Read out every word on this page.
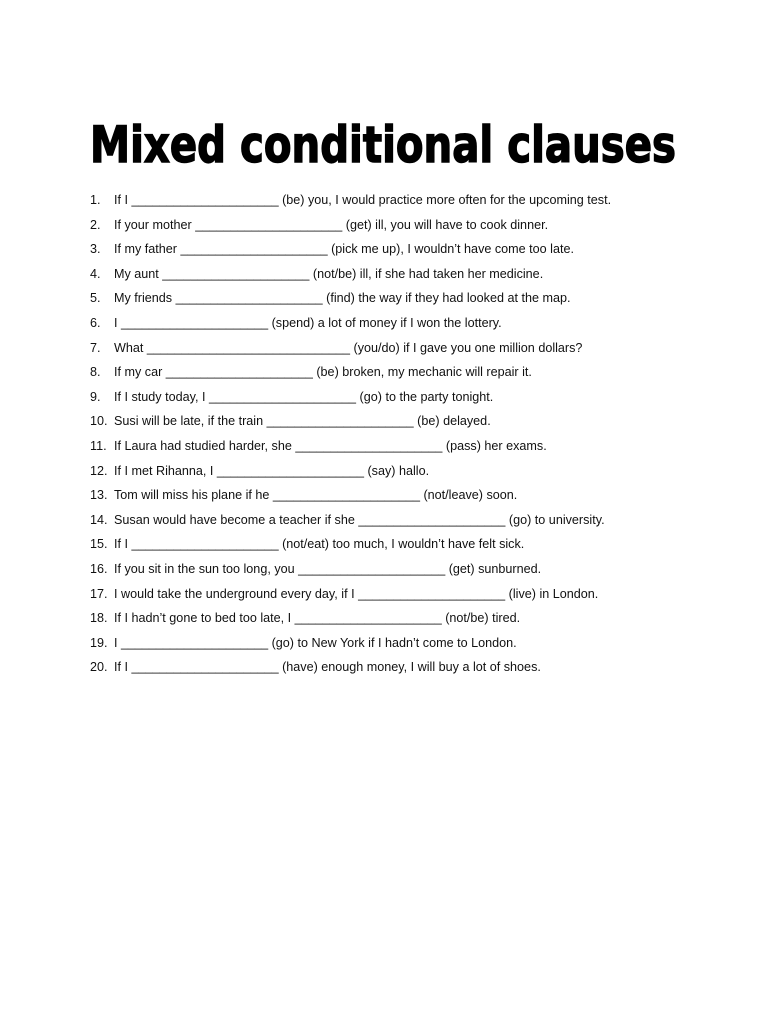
Mixed conditional clauses
1.	If I _____________________ (be) you, I would practice more often for the upcoming test.
2.	If your mother _____________________ (get) ill, you will have to cook dinner.
3.	If my father _____________________ (pick me up), I wouldn’t have come too late.
4.	My aunt _____________________ (not/be) ill, if she had taken her medicine.
5.	My friends _____________________ (find) the way if they had looked at the map.
6.	I _____________________ (spend) a lot of money if I won the lottery.
7.	What _____________________________ (you/do) if I gave you one million dollars?
8.	If my car _____________________ (be) broken, my mechanic will repair it.
9.	If I study today, I _____________________ (go) to the party tonight.
10. Susi will be late, if the train _____________________ (be) delayed.
11. If Laura had studied harder, she _____________________ (pass) her exams.
12. If I met Rihanna, I _____________________ (say) hallo.
13. Tom will miss his plane if he _____________________ (not/leave) soon.
14. Susan would have become a teacher if she _____________________ (go) to university.
15. If I _____________________ (not/eat) too much, I wouldn’t have felt sick.
16. If you sit in the sun too long, you _____________________ (get) sunburned.
17. I would take the underground every day, if I _____________________ (live) in London.
18. If I hadn’t gone to bed too late, I _____________________ (not/be) tired.
19. I _____________________ (go) to New York if I hadn’t come to London.
20. If I _____________________ (have) enough money, I will buy a lot of shoes.
